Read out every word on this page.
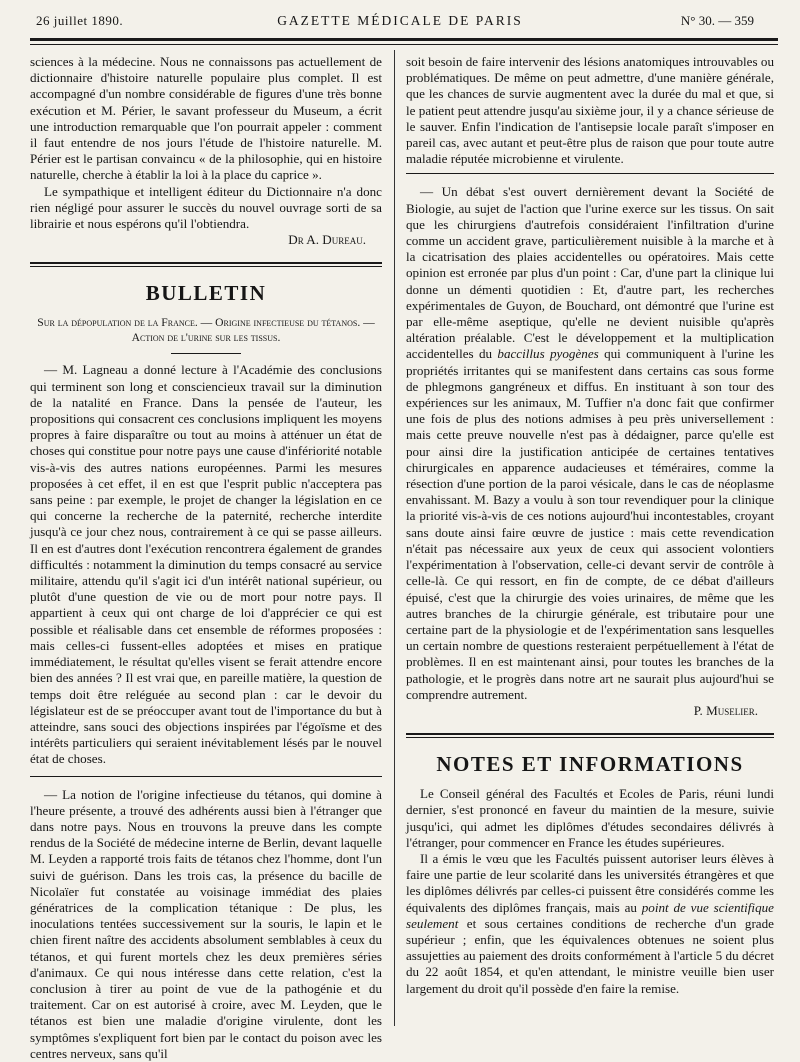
26 juillet 1890.	GAZETTE MÉDICALE DE PARIS	N° 30. — 359

sciences à la médecine. Nous ne connaissons pas actuellement de dictionnaire d'histoire naturelle populaire plus complet. Il est accompagné d'un nombre considérable de figures d'une très bonne exécution et M. Périer, le savant professeur du Museum, a écrit une introduction remarquable que l'on pourrait appeler : comment il faut entendre de nos jours l'étude de l'histoire naturelle. M. Périer est le partisan convaincu « de la philosophie, qui en histoire naturelle, cherche à établir la loi à la place du caprice ».

Le sympathique et intelligent éditeur du Dictionnaire n'a donc rien négligé pour assurer le succès du nouvel ouvrage sorti de sa librairie et nous espérons qu'il l'obtiendra.

Dr A. Dureau.

BULLETIN
Sur la dépopulation de la France. — Origine infectieuse du tétanos. — Action de l'urine sur les tissus.

— M. Lagneau a donné lecture à l'Académie des conclusions qui terminent son long et consciencieux travail sur la diminution de la natalité en France. Dans la pensée de l'auteur, les propositions qui consacrent ces conclusions impliquent les moyens propres à faire disparaître ou tout au moins à atténuer un état de choses qui constitue pour notre pays une cause d'infériorité notable vis-à-vis des autres nations européennes. Parmi les mesures proposées à cet effet, il en est que l'esprit public n'acceptera pas sans peine : par exemple, le projet de changer la législation en ce qui concerne la recherche de la paternité, recherche interdite jusqu'à ce jour chez nous, contrairement à ce qui se passe ailleurs. Il en est d'autres dont l'exécution rencontrera également de grandes difficultés : notamment la diminution du temps consacré au service militaire, attendu qu'il s'agit ici d'un intérêt national supérieur, ou plutôt d'une question de vie ou de mort pour notre pays. Il appartient à ceux qui ont charge de loi d'apprécier ce qui est possible et réalisable dans cet ensemble de réformes proposées : mais celles-ci fussent-elles adoptées et mises en pratique immédiatement, le résultat qu'elles visent se ferait attendre encore bien des années ? Il est vrai que, en pareille matière, la question de temps doit être reléguée au second plan : car le devoir du législateur est de se préoccuper avant tout de l'importance du but à atteindre, sans souci des objections inspirées par l'égoïsme et des intérêts particuliers qui seraient inévitablement lésés par le nouvel état de choses.

— La notion de l'origine infectieuse du tétanos, qui domine à l'heure présente, a trouvé des adhérents aussi bien à l'étranger que dans notre pays. Nous en trouvons la preuve dans les compte rendus de la Société de médecine interne de Berlin, devant laquelle M. Leyden a rapporté trois faits de tétanos chez l'homme, dont l'un suivi de guérison. Dans les trois cas, la présence du bacille de Nicolaïer fut constatée au voisinage immédiat des plaies génératrices de la complication tétanique : De plus, les inoculations tentées successivement sur la souris, le lapin et le chien firent naître des accidents absolument semblables à ceux du tétanos, et qui furent mortels chez les deux premières séries d'animaux. Ce qui nous intéresse dans cette relation, c'est la conclusion à tirer au point de vue de la pathogénie et du traitement. Car on est autorisé à croire, avec M. Leyden, que le tétanos est bien une maladie d'origine virulente, dont les symptômes s'expliquent fort bien par le contact du poison avec les centres nerveux, sans qu'il

soit besoin de faire intervenir des lésions anatomiques introuvables ou problématiques. De même on peut admettre, d'une manière générale, que les chances de survie augmentent avec la durée du mal et que, si le patient peut attendre jusqu'au sixième jour, il y a chance sérieuse de le sauver. Enfin l'indication de l'antisepsie locale paraît s'imposer en pareil cas, avec autant et peut-être plus de raison que pour toute autre maladie réputée microbienne et virulente.

— Un débat s'est ouvert dernièrement devant la Société de Biologie, au sujet de l'action que l'urine exerce sur les tissus. On sait que les chirurgiens d'autrefois considéraient l'infiltration d'urine comme un accident grave, particulièrement nuisible à la marche et à la cicatrisation des plaies accidentelles ou opératoires. Mais cette opinion est erronée par plus d'un point : Car, d'une part la clinique lui donne un démenti quotidien : Et, d'autre part, les recherches expérimentales de Guyon, de Bouchard, ont démontré que l'urine est par elle-même aseptique, qu'elle ne devient nuisible qu'après altération préalable. C'est le développement et la multiplication accidentelles du baccillus pyogènes qui communiquent à l'urine les propriétés irritantes qui se manifestent dans certains cas sous forme de phlegmons gangréneux et diffus. En instituant à son tour des expériences sur les animaux, M. Tuffier n'a donc fait que confirmer une fois de plus des notions admises à peu près universellement : mais cette preuve nouvelle n'est pas à dédaigner, parce qu'elle est pour ainsi dire la justification anticipée de certaines tentatives chirurgicales en apparence audacieuses et téméraires, comme la résection d'une portion de la paroi vésicale, dans le cas de néoplasme envahissant. M. Bazy a voulu à son tour revendiquer pour la clinique la priorité vis-à-vis de ces notions aujourd'hui incontestables, croyant sans doute ainsi faire œuvre de justice : mais cette revendication n'était pas nécessaire aux yeux de ceux qui associent volontiers l'expérimentation à l'observation, celle-ci devant servir de contrôle à celle-là. Ce qui ressort, en fin de compte, de ce débat d'ailleurs épuisé, c'est que la chirurgie des voies urinaires, de même que les autres branches de la chirurgie générale, est tributaire pour une certaine part de la physiologie et de l'expérimentation sans lesquelles un certain nombre de questions resteraient perpétuellement à l'état de problèmes. Il en est maintenant ainsi, pour toutes les branches de la pathologie, et le progrès dans notre art ne saurait plus aujourd'hui se comprendre autrement.

P. Muselier.

NOTES ET INFORMATIONS

Le Conseil général des Facultés et Ecoles de Paris, réuni lundi dernier, s'est prononcé en faveur du maintien de la mesure, suivie jusqu'ici, qui admet les diplômes d'études secondaires délivrés à l'étranger, pour commencer en France les études supérieures.

Il a émis le vœu que les Facultés puissent autoriser leurs élèves à faire une partie de leur scolarité dans les universités étrangères et que les diplômes délivrés par celles-ci puissent être considérés comme les équivalents des diplômes français, mais au point de vue scientifique seulement et sous certaines conditions de recherche d'un grade supérieur ; enfin, que les équivalences obtenues ne soient plus assujetties au paiement des droits conformément à l'article 5 du décret du 22 août 1854, et qu'en attendant, le ministre veuille bien user largement du droit qu'il possède d'en faire la remise.
